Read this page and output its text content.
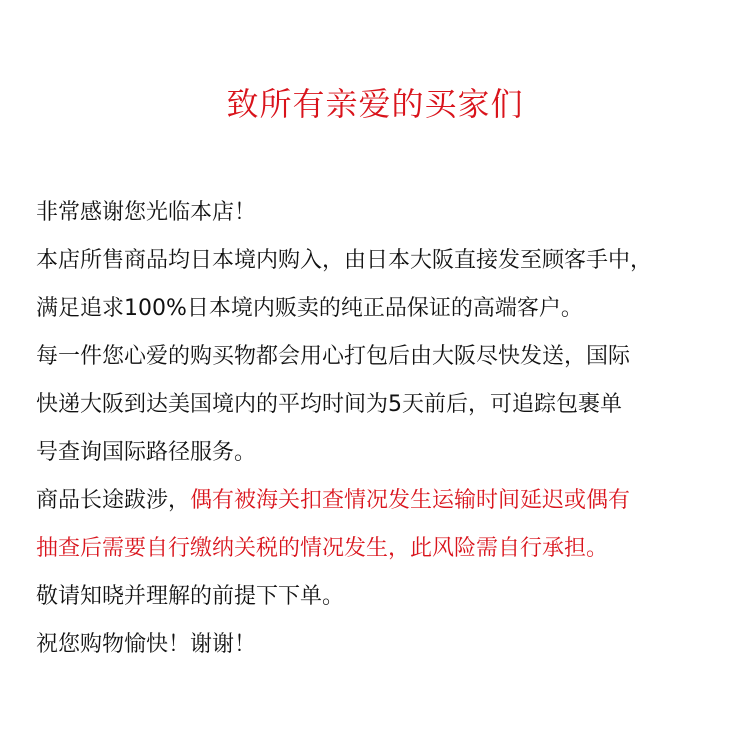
致所有亲爱的买家们
非常感谢您光临本店！
本店所售商品均日本境内购入，由日本大阪直接发至顾客手中，
满足追求100%日本境内贩卖的纯正品保证的高端客户。
每一件您心爱的购买物都会用心打包后由大阪尽快发送，国际
快递大阪到达美国境内的平均时间为5天前后，可追踪包裹单
号查询国际路径服务。
商品长途跋涉，偶有被海关扣查情况发生运输时间延迟或偶有
抽查后需要自行缴纳关税的情况发生，此风险需自行承担。
敬请知晓并理解的前提下下单。
祝您购物愉快！谢谢！
